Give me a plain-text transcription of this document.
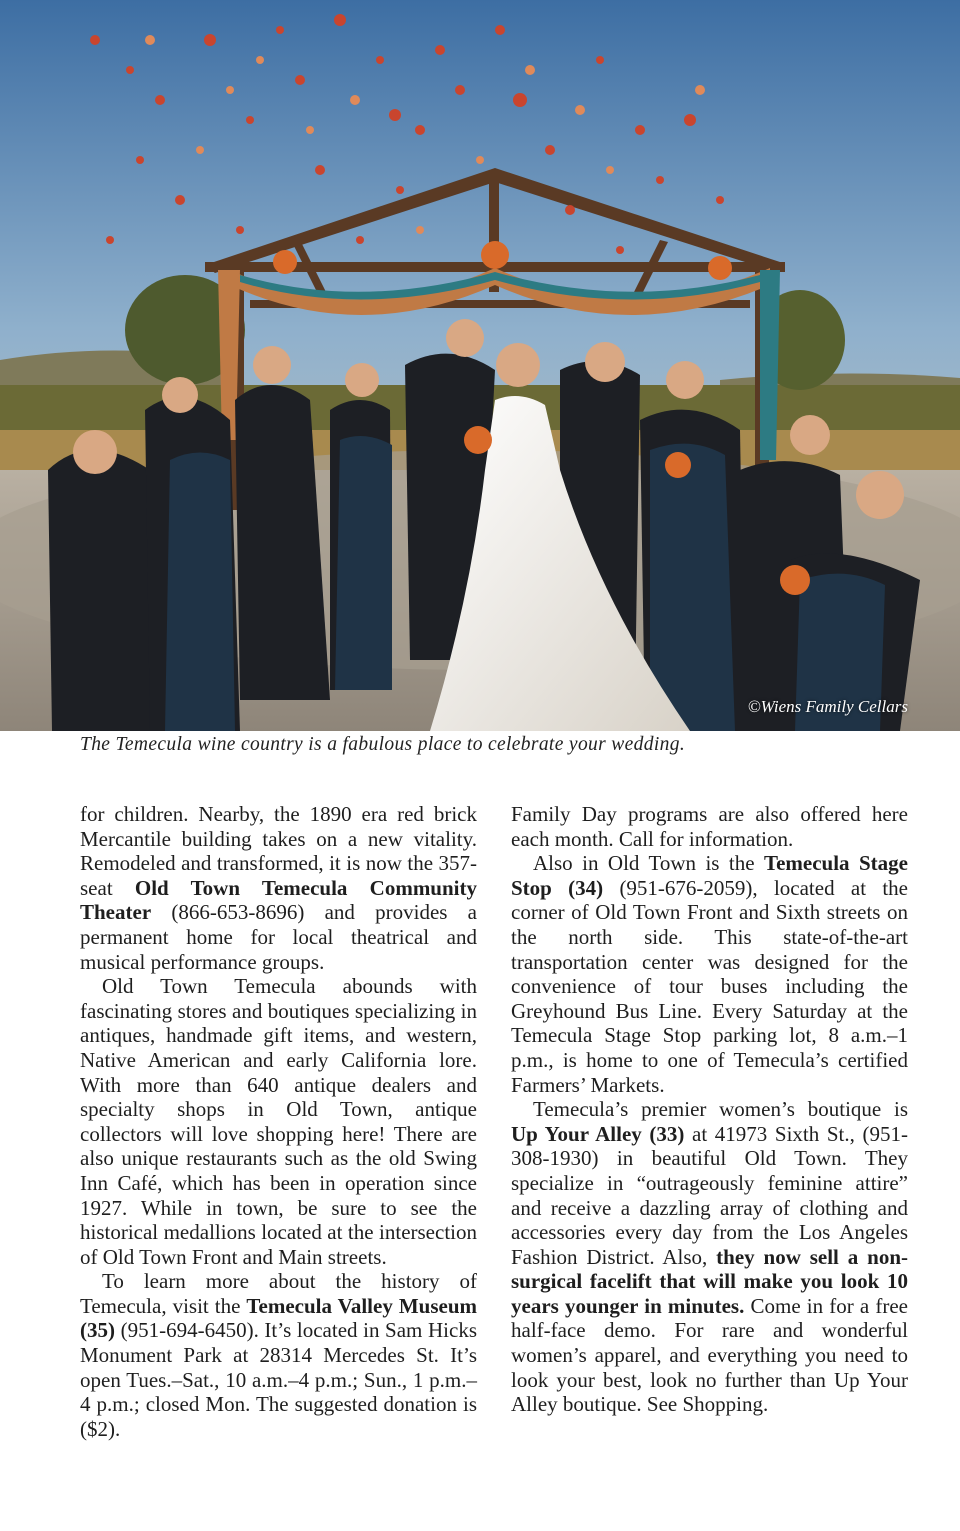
©Wiens Family Cellars
The Temecula wine country is a fabulous place to celebrate your wedding.

for children. Nearby, the 1890 era red brick Mercantile building takes on a new vitality. Remodeled and transformed, it is now the 357-seat Old Town Temecula Community Theater (866-653-8696) and provides a permanent home for local theatrical and musical performance groups.

Old Town Temecula abounds with fascinating stores and boutiques specializing in antiques, handmade gift items, and western, Native American and early California lore. With more than 640 antique dealers and specialty shops in Old Town, antique collectors will love shopping here! There are also unique restaurants such as the old Swing Inn Café, which has been in operation since 1927. While in town, be sure to see the historical medallions located at the intersection of Old Town Front and Main streets.

To learn more about the history of Temecula, visit the Temecula Valley Museum (35) (951-694-6450). It’s located in Sam Hicks Monument Park at 28314 Mercedes St. It’s open Tues.–Sat., 10 a.m.–4 p.m.; Sun., 1 p.m.–4 p.m.; closed Mon. The suggested donation is ($2).

Family Day programs are also offered here each month. Call for information.

Also in Old Town is the Temecula Stage Stop (34) (951-676-2059), located at the corner of Old Town Front and Sixth streets on the north side. This state-of-the-art transportation center was designed for the convenience of tour buses including the Greyhound Bus Line. Every Saturday at the Temecula Stage Stop parking lot, 8 a.m.–1 p.m., is home to one of Temecula’s certified Farmers’ Markets.

Temecula’s premier women’s boutique is Up Your Alley (33) at 41973 Sixth St., (951-308-1930) in beautiful Old Town. They specialize in “outrageously feminine attire” and receive a dazzling array of clothing and accessories every day from the Los Angeles Fashion District. Also, they now sell a non-surgical facelift that will make you look 10 years younger in minutes. Come in for a free half-face demo. For rare and wonderful women’s apparel, and everything you need to look your best, look no further than Up Your Alley boutique. See Shopping.
